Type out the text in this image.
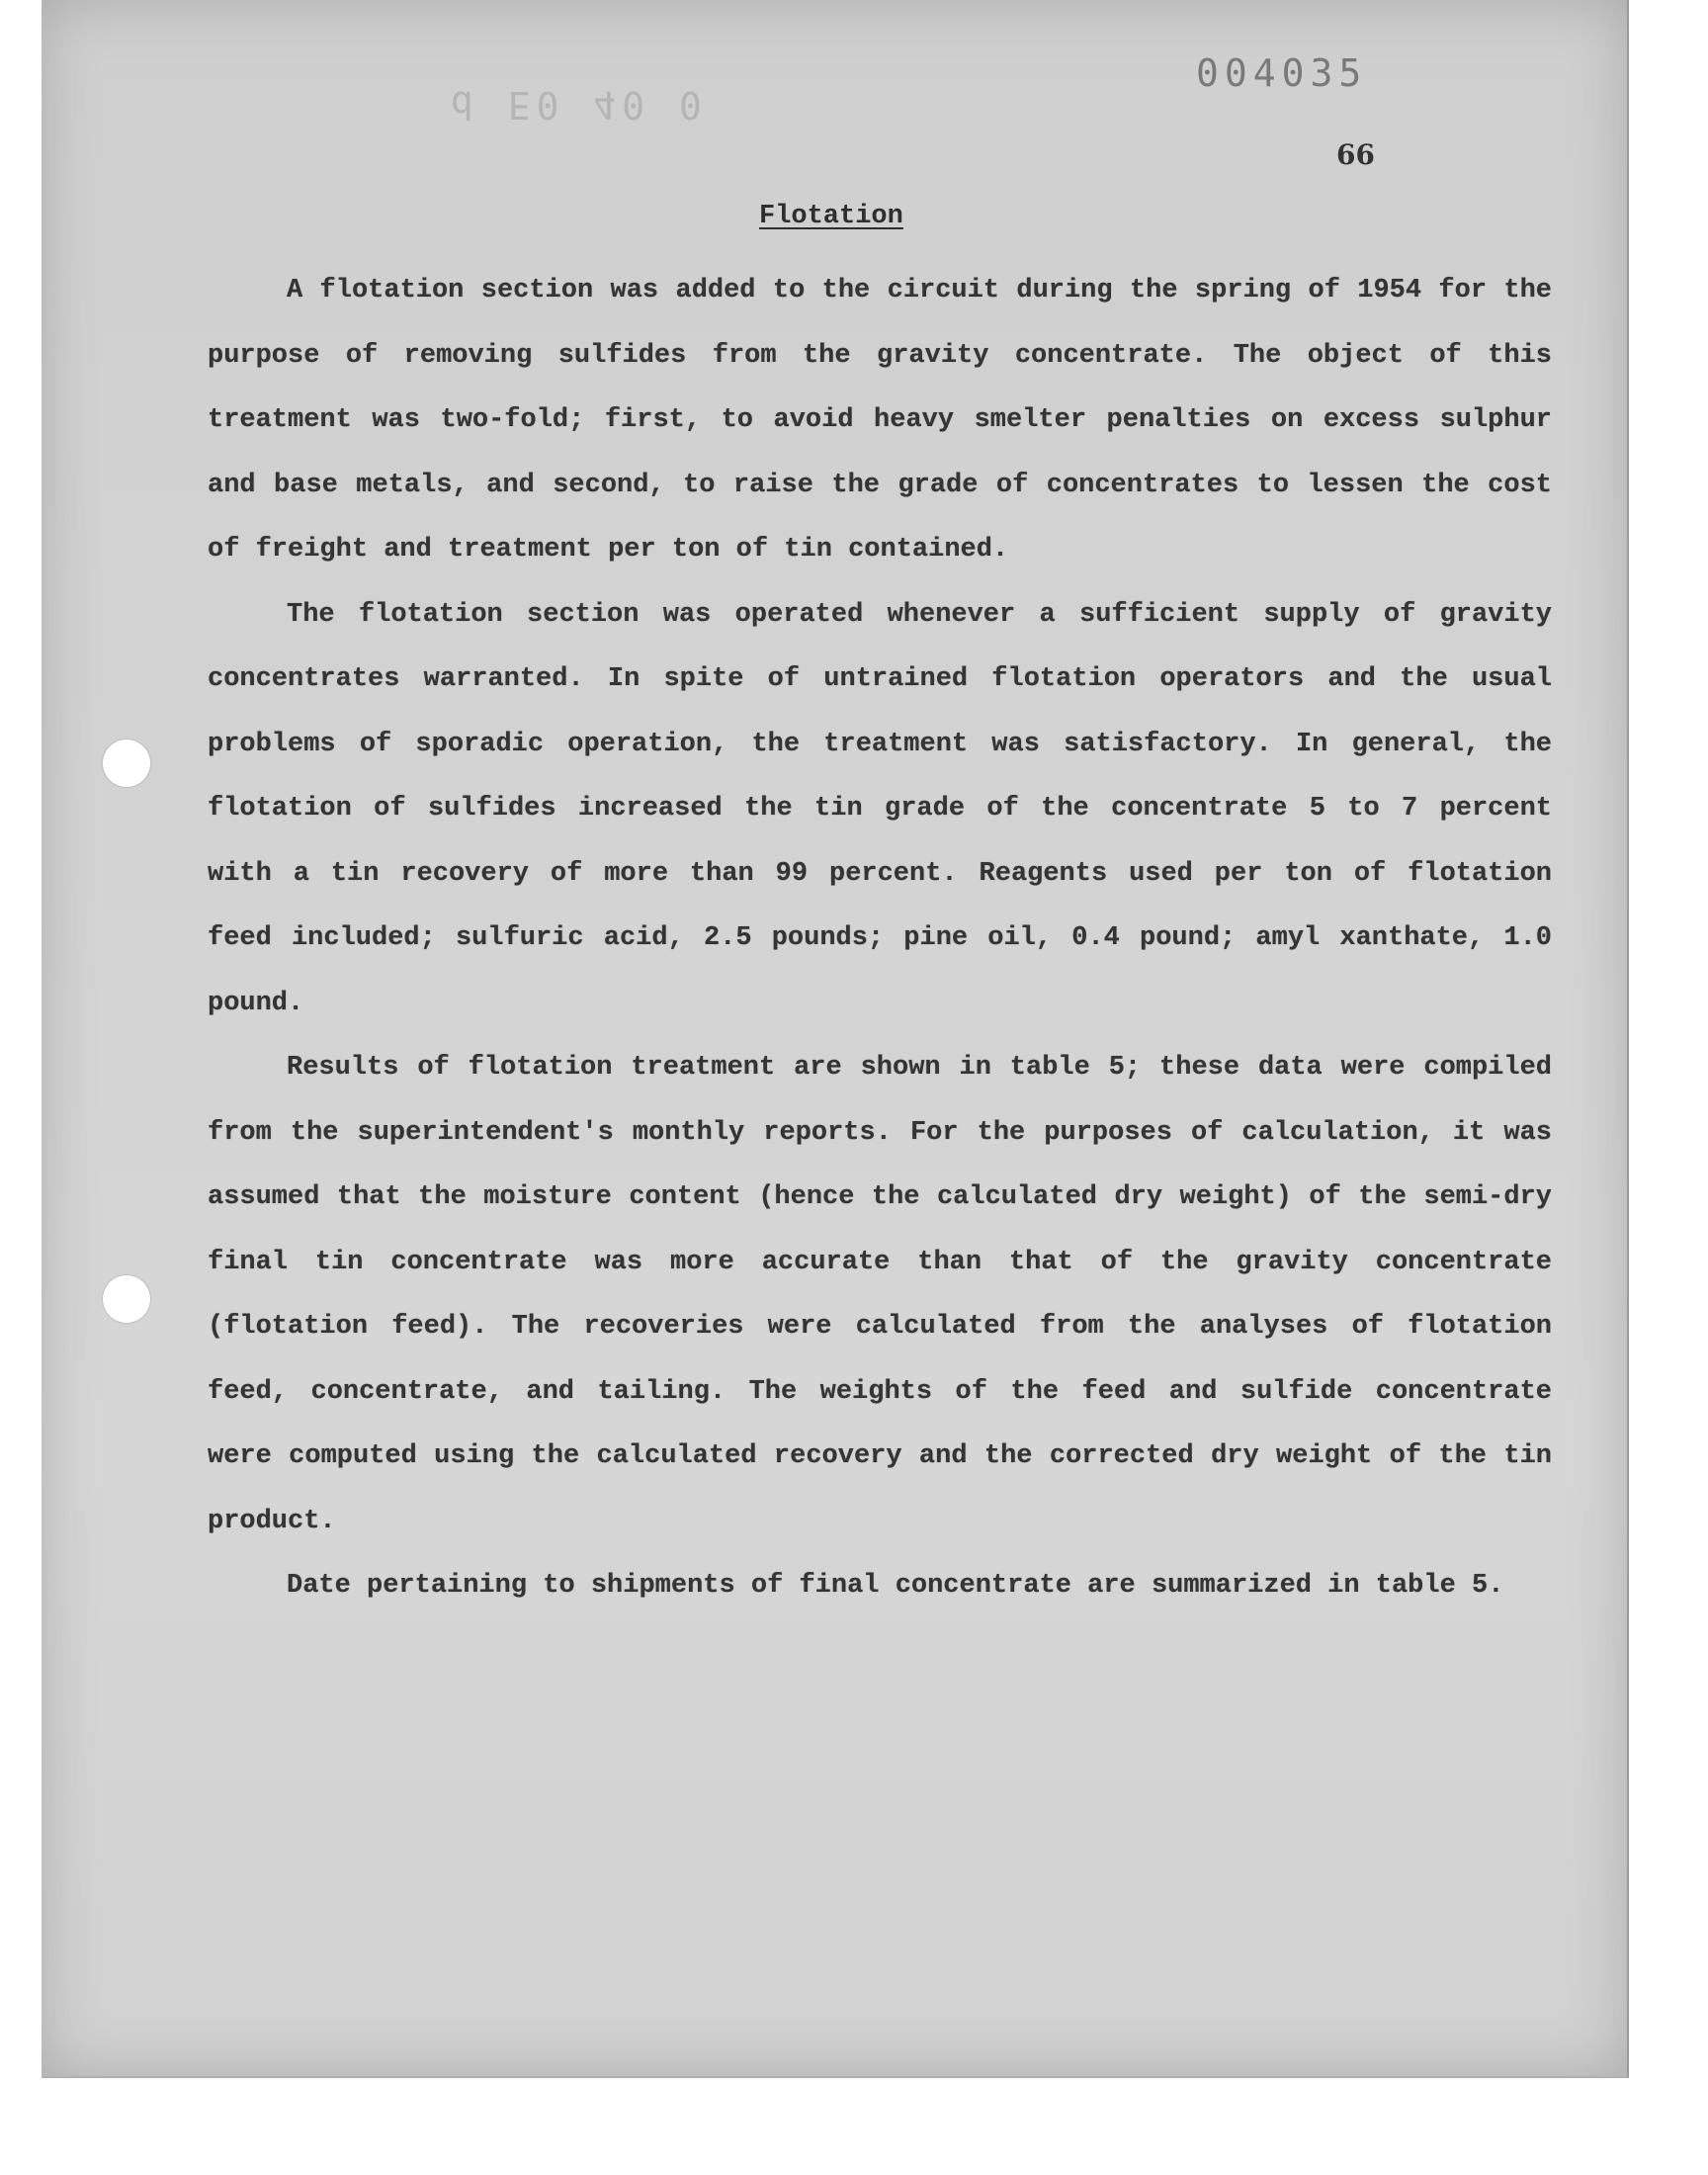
004035
d E0 40 0
66
Flotation

A flotation section was added to the circuit during the spring of 1954 for the purpose of removing sulfides from the gravity concentrate. The object of this treatment was two-fold; first, to avoid heavy smelter penalties on excess sulphur and base metals, and second, to raise the grade of concentrates to lessen the cost of freight and treatment per ton of tin contained.

The flotation section was operated whenever a sufficient supply of gravity concentrates warranted. In spite of untrained flotation operators and the usual problems of sporadic operation, the treatment was satisfactory. In general, the flotation of sulfides increased the tin grade of the concentrate 5 to 7 percent with a tin recovery of more than 99 percent. Reagents used per ton of flotation feed included; sulfuric acid, 2.5 pounds; pine oil, 0.4 pound; amyl xanthate, 1.0 pound.

Results of flotation treatment are shown in table 5; these data were compiled from the superintendent's monthly reports. For the purposes of calculation, it was assumed that the moisture content (hence the calculated dry weight) of the semi-dry final tin concentrate was more accurate than that of the gravity concentrate (flotation feed). The recoveries were calculated from the analyses of flotation feed, concentrate, and tailing. The weights of the feed and sulfide concentrate were computed using the calculated recovery and the corrected dry weight of the tin product.

Date pertaining to shipments of final concentrate are summarized in table 5.
